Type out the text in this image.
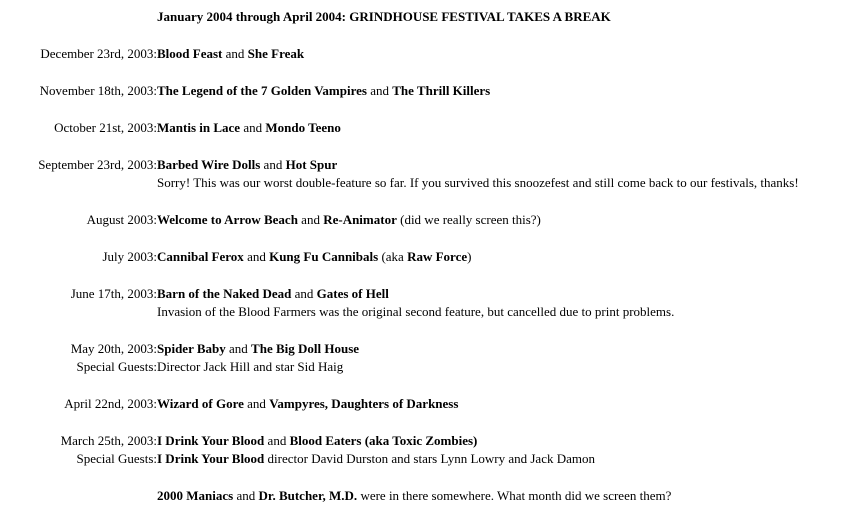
	January 2004 through April 2004: GRINDHOUSE FESTIVAL TAKES A BREAK
December 23rd, 2003:	Blood Feast and She Freak
November 18th, 2003:	The Legend of the 7 Golden Vampires and The Thrill Killers
October 21st, 2003:	Mantis in Lace and Mondo Teeno
September 23rd, 2003:	Barbed Wire Dolls and Hot Spur
	Sorry! This was our worst double-feature so far. If you survived this snoozefest and still come back to our festivals, thanks!
August 2003:	Welcome to Arrow Beach and Re-Animator (did we really screen this?)
July 2003:	Cannibal Ferox and Kung Fu Cannibals (aka Raw Force)
June 17th, 2003:	Barn of the Naked Dead and Gates of Hell
	Invasion of the Blood Farmers was the original second feature, but cancelled due to print problems.
May 20th, 2003:	Spider Baby and The Big Doll House
Special Guests:	Director Jack Hill and star Sid Haig
April 22nd, 2003:	Wizard of Gore and Vampyres, Daughters of Darkness
March 25th, 2003:	I Drink Your Blood and Blood Eaters (aka Toxic Zombies)
Special Guests:	I Drink Your Blood director David Durston and stars Lynn Lowry and Jack Damon
	2000 Maniacs and Dr. Butcher, M.D. were in there somewhere. What month did we screen them?
